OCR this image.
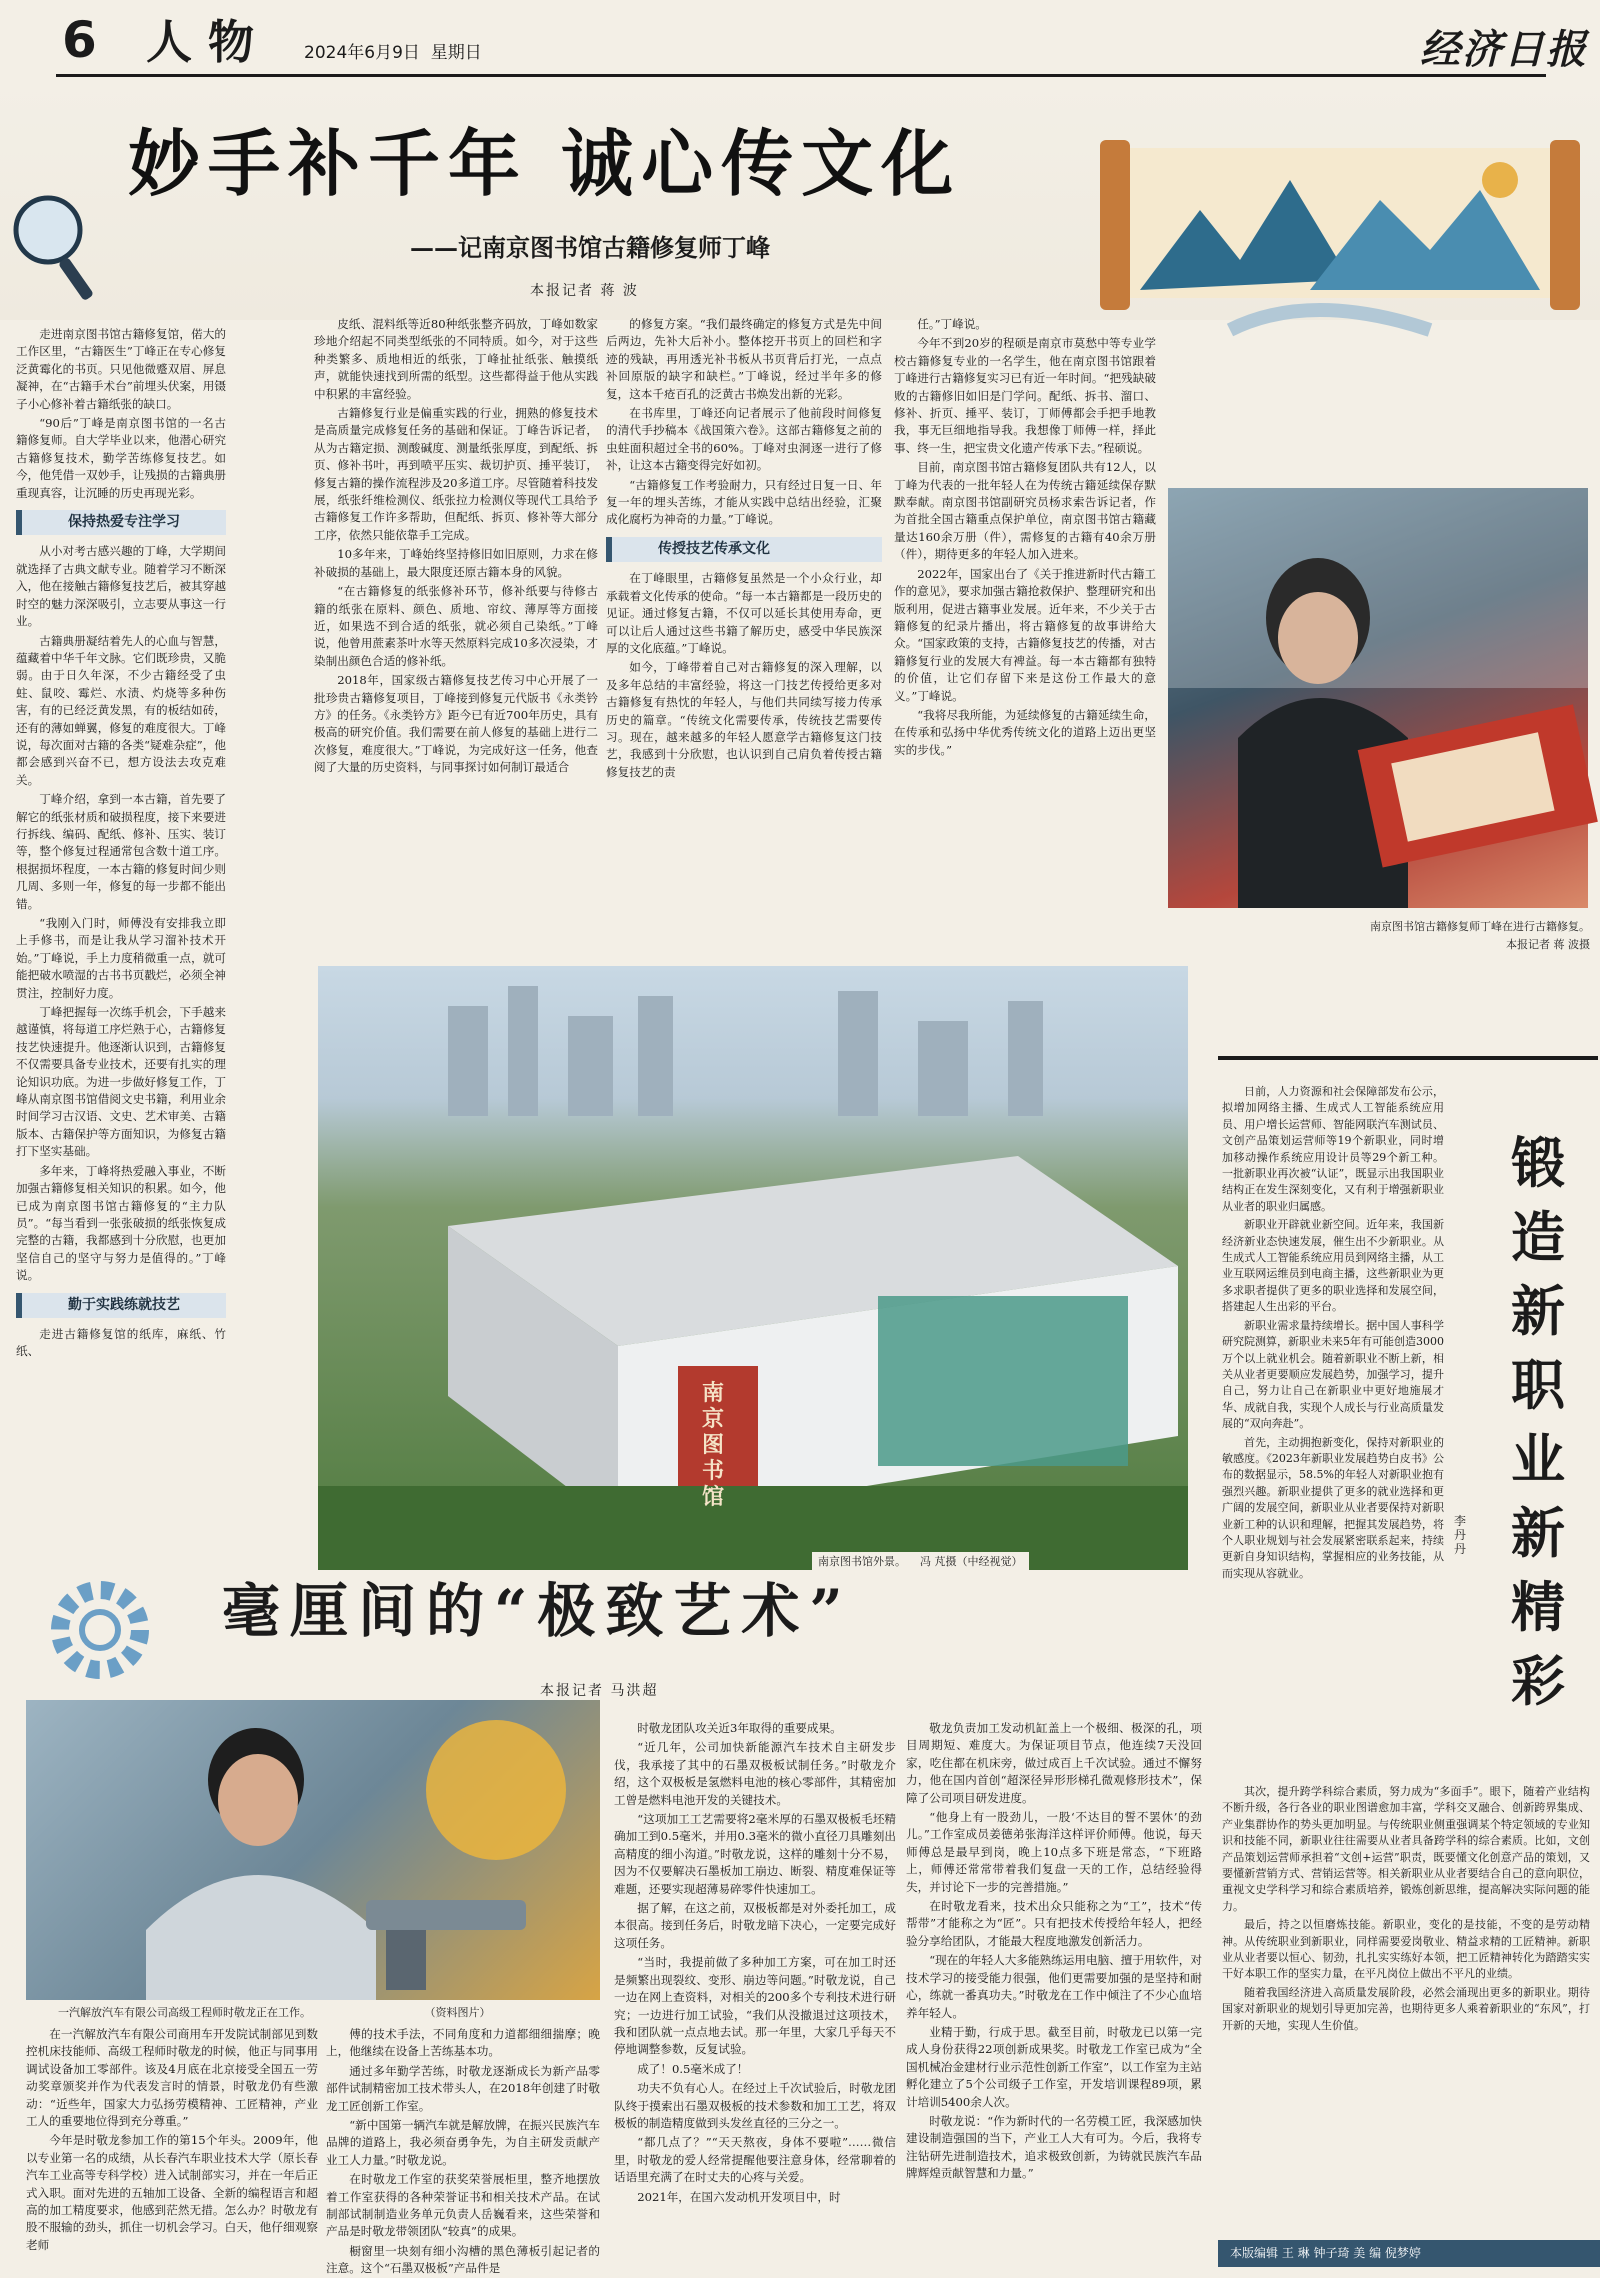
6 人物 2024年6月9日 星期日	经济日报
妙手补千年 诚心传文化
——记南京图书馆古籍修复师丁峰
本报记者 蒋 波

走进南京图书馆古籍修复馆，偌大的工作区里，“古籍医生”丁峰正在专心修复泛黄霉化的书页。只见他微蹙双眉、屏息凝神，在“古籍手术台”前埋头伏案，用镊子小心修补着古籍纸张的缺口。

“90后”丁峰是南京图书馆的一名古籍修复师。自大学毕业以来，他潜心研究古籍修复技术，勤学苦练修复技艺。如今，他凭借一双妙手，让残损的古籍典册重现真容，让沉睡的历史再现光彩。

保持热爱专注学习

从小对考古感兴趣的丁峰，大学期间就选择了古典文献专业。随着学习不断深入，他在接触古籍修复技艺后，被其穿越时空的魅力深深吸引，立志要从事这一行业。

古籍典册凝结着先人的心血与智慧，蕴藏着中华千年文脉。它们既珍贵，又脆弱。由于日久年深，不少古籍经受了虫蛀、鼠咬、霉烂、水渍、灼烧等多种伤害，有的已经泛黄发黑，有的板结如砖，还有的薄如蝉翼，修复的难度很大。丁峰说，每次面对古籍的各类“疑难杂症”，他都会感到兴奋不已，想方设法去攻克难关。

丁峰介绍，拿到一本古籍，首先要了解它的纸张材质和破损程度，接下来要进行拆线、编码、配纸、修补、压实、装订等，整个修复过程通常包含数十道工序。根据损坏程度，一本古籍的修复时间少则几周、多则一年，修复的每一步都不能出错。

“我刚入门时，师傅没有安排我立即上手修书，而是让我从学习溜补技术开始。”丁峰说，手上力度稍微重一点，就可能把破水喷湿的古书书页戳烂，必须全神贯注，控制好力度。

丁峰把握每一次练手机会，下手越来越谨慎，将每道工序烂熟于心，古籍修复技艺快速提升。他逐渐认识到，古籍修复不仅需要具备专业技术，还要有扎实的理论知识功底。为进一步做好修复工作，丁峰从南京图书馆借阅文史书籍，利用业余时间学习古汉语、文史、艺术审美、古籍版本、古籍保护等方面知识，为修复古籍打下坚实基础。

多年来，丁峰将热爱融入事业，不断加强古籍修复相关知识的积累。如今，他已成为南京图书馆古籍修复的“主力队员”。“每当看到一张张破损的纸张恢复成完整的古籍，我都感到十分欣慰，也更加坚信自己的坚守与努力是值得的。”丁峰说。

勤于实践练就技艺

走进古籍修复馆的纸库，麻纸、竹纸、

皮纸、混料纸等近80种纸张整齐码放，丁峰如数家珍地介绍起不同类型纸张的不同特质。如今，对于这些种类繁多、质地相近的纸张，丁峰扯扯纸张、触摸纸声，就能快速找到所需的纸型。这些都得益于他从实践中积累的丰富经验。

古籍修复行业是偏重实践的行业，拥熟的修复技术是高质量完成修复任务的基础和保证。丁峰告诉记者，从为古籍定损、测酸碱度、测量纸张厚度，到配纸、拆页、修补书叶，再到喷平压实、裁切护页、捶平装订，修复古籍的操作流程涉及20多道工序。尽管随着科技发展，纸张纤维检测仪、纸张拉力检测仪等现代工具给予古籍修复工作许多帮助，但配纸、拆页、修补等大部分工序，依然只能依靠手工完成。

10多年来，丁峰始终坚持修旧如旧原则，力求在修补破损的基础上，最大限度还原古籍本身的风貌。

“在古籍修复的纸张修补环节，修补纸要与待修古籍的纸张在原料、颜色、质地、帘纹、薄厚等方面接近，如果选不到合适的纸张，就必须自己染纸。”丁峰说，他曾用蔗素茶叶水等天然原料完成10多次浸染，才染制出颜色合适的修补纸。

2018年，国家级古籍修复技艺传习中心开展了一批珍贵古籍修复项目，丁峰接到修复元代版书《永类钤方》的任务。《永类钤方》距今已有近700年历史，具有极高的研究价值。我们需要在前人修复的基础上进行二次修复，难度很大。”丁峰说，为完成好这一任务，他查阅了大量的历史资料，与同事探讨如何制订最适合

的修复方案。“我们最终确定的修复方式是先中间后两边，先补大后补小。整体挖开书页上的回栏和字迹的残缺，再用透光补书板从书页背后打光，一点点补回原版的缺字和缺栏。”丁峰说，经过半年多的修复，这本千疮百孔的泛黄古书焕发出新的光彩。

在书库里，丁峰还向记者展示了他前段时间修复的清代手抄稿本《战国策六卷》。这部古籍修复之前的虫蛀面积超过全书的60%。丁峰对虫洞逐一进行了修补，让这本古籍变得完好如初。

“古籍修复工作考验耐力，只有经过日复一日、年复一年的埋头苦练，才能从实践中总结出经验，汇聚成化腐朽为神奇的力量。”丁峰说。

传授技艺传承文化

在丁峰眼里，古籍修复虽然是一个小众行业，却承载着文化传承的使命。“每一本古籍都是一段历史的见证。通过修复古籍，不仅可以延长其使用寿命，更可以让后人通过这些书籍了解历史，感受中华民族深厚的文化底蕴。”丁峰说。

如今，丁峰带着自己对古籍修复的深入理解，以及多年总结的丰富经验，将这一门技艺传授给更多对古籍修复有热忱的年轻人，与他们共同续写接力传承历史的篇章。“传统文化需要传承，传统技艺需要传习。现在，越来越多的年轻人愿意学古籍修复这门技艺，我感到十分欣慰，也认识到自己肩负着传授古籍修复技艺的责

任。”丁峰说。

今年不到20岁的程硕是南京市莫愁中等专业学校古籍修复专业的一名学生，他在南京图书馆跟着丁峰进行古籍修复实习已有近一年时间。“把残缺破败的古籍修旧如旧是门学问。配纸、拆书、溜口、修补、折页、捶平、装订，丁师傅都会手把手地教我，事无巨细地指导我。我想像丁师傅一样，择此事、终一生，把宝贵文化遗产传承下去。”程硕说。

目前，南京图书馆古籍修复团队共有12人，以丁峰为代表的一批年轻人在为传统古籍延续保存默默奉献。南京图书馆副研究员杨求索告诉记者，作为首批全国古籍重点保护单位，南京图书馆古籍藏量达160余万册（件），需修复的古籍有40余万册（件），期待更多的年轻人加入进来。

2022年，国家出台了《关于推进新时代古籍工作的意见》，要求加强古籍抢救保护、整理研究和出版利用，促进古籍事业发展。近年来，不少关于古籍修复的纪录片播出，将古籍修复的故事讲给大众。“国家政策的支持，古籍修复技艺的传播，对古籍修复行业的发展大有裨益。每一本古籍都有独特的价值，让它们存留下来是这份工作最大的意义。”丁峰说。

“我将尽我所能，为延续修复的古籍延续生命，在传承和弘扬中华优秀传统文化的道路上迈出更坚实的步伐。”

南京图书馆古籍修复师丁峰在进行古籍修复。
本报记者 蒋 波摄
南京图书馆
南京图书馆外景。 冯 芃摄（中经视觉）
锻造新职业新精彩
李丹丹

日前，人力资源和社会保障部发布公示，拟增加网络主播、生成式人工智能系统应用员、用户增长运营师、智能网联汽车测试员、文创产品策划运营师等19个新职业，同时增加移动操作系统应用设计员等29个新工种。一批新职业再次被“认证”，既显示出我国职业结构正在发生深刻变化，又有利于增强新职业从业者的职业归属感。

新职业开辟就业新空间。近年来，我国新经济新业态快速发展，催生出不少新职业。从生成式人工智能系统应用员到网络主播，从工业互联网运维员到电商主播，这些新职业为更多求职者提供了更多的职业选择和发展空间，搭建起人生出彩的平台。

新职业需求量持续增长。据中国人事科学研究院测算，新职业未来5年有可能创造3000万个以上就业机会。随着新职业不断上新，相关从业者更要顺应发展趋势，加强学习，提升自己，努力让自己在新职业中更好地施展才华、成就自我，实现个人成长与行业高质量发展的“双向奔赴”。

首先，主动拥抱新变化，保持对新职业的敏感度。《2023年新职业发展趋势白皮书》公布的数据显示，58.5%的年轻人对新职业抱有强烈兴趣。新职业提供了更多的就业选择和更广阔的发展空间，新职业从业者要保持对新职业新工种的认识和理解，把握其发展趋势，将个人职业规划与社会发展紧密联系起来，持续更新自身知识结构，掌握相应的业务技能，从而实现从容就业。

其次，提升跨学科综合素质，努力成为“多面手”。眼下，随着产业结构不断升级，各行各业的职业图谱愈加丰富，学科交叉融合、创新跨界集成、产业集群协作的势头更加明显。与传统职业侧重强调某个特定领域的专业知识和技能不同，新职业往往需要从业者具备跨学科的综合素质。比如，文创产品策划运营师承担着“文创+运营”职责，既要懂文化创意产品的策划，又要懂新营销方式、营销运营等。相关新职业从业者要结合自己的意向职位，重视文史学科学习和综合素质培养，锻炼创新思维，提高解决实际问题的能力。

最后，持之以恒磨炼技能。新职业，变化的是技能，不变的是劳动精神。从传统职业到新职业，同样需要爱岗敬业、精益求精的工匠精神。新职业从业者要以恒心、韧劲，扎扎实实练好本领，把工匠精神转化为踏踏实实干好本职工作的坚实力量，在平凡岗位上做出不平凡的业绩。

随着我国经济进入高质量发展阶段，必然会涌现出更多的新职业。期待国家对新职业的规划引导更加完善，也期待更多人乘着新职业的“东风”，打开新的天地，实现人生价值。

本版编辑 王 琳 钟子琦 美 编 倪梦婷
毫厘间的“极致艺术”
本报记者 马洪超
一汽解放汽车有限公司高级工程师时敬龙正在工作。	（资料图片）

在一汽解放汽车有限公司商用车开发院试制部见到数控机床技能师、高级工程师时敬龙的时候，他正与同事用调试设备加工零部件。该及4月底在北京接受全国五一劳动奖章颁奖并作为代表发言时的情景，时敬龙仍有些激动：“近些年，国家大力弘扬劳模精神、工匠精神，产业工人的重要地位得到充分尊重。”

今年是时敬龙参加工作的第15个年头。2009年，他以专业第一名的成绩，从长春汽车职业技术大学（原长春汽车工业高等专科学校）进入试制部实习，并在一年后正式入职。面对先进的五轴加工设备、全新的编程语言和超高的加工精度要求，他感到茫然无措。怎么办？时敬龙有股不服输的劲头，抓住一切机会学习。白天，他仔细观察老师

傅的技术手法，不同角度和力道都细细揣摩；晚上，他继续在设备上苦练基本功。

通过多年勤学苦练，时敬龙逐渐成长为新产品零部件试制精密加工技术带头人，在2018年创建了时敬龙工匠创新工作室。

“新中国第一辆汽车就是解放牌，在振兴民族汽车品牌的道路上，我必须奋勇争先，为自主研发贡献产业工人力量。”时敬龙说。

在时敬龙工作室的获奖荣誉展柜里，整齐地摆放着工作室获得的各种荣誉证书和相关技术产品。在试制部试制制造业务单元负责人岳巍看来，这些荣誉和产品是时敬龙带领团队“较真”的成果。

橱窗里一块刻有细小沟槽的黑色薄板引起记者的注意。这个“石墨双极板”产品件是

时敬龙团队攻关近3年取得的重要成果。

“近几年，公司加快新能源汽车技术自主研发步伐，我承接了其中的石墨双极板试制任务。”时敬龙介绍，这个双极板是氢燃料电池的核心零部件，其精密加工曾是燃料电池开发的关键技术。

“这项加工工艺需要将2毫米厚的石墨双极板毛坯精确加工到0.5毫米，并用0.3毫米的微小直径刀具雕刻出高精度的细小沟道。”时敬龙说，这样的雕刻十分不易，因为不仅要解决石墨板加工崩边、断裂、精度难保证等难题，还要实现超薄易碎零件快速加工。

据了解，在这之前，双极板都是对外委托加工，成本很高。接到任务后，时敬龙暗下决心，一定要完成好这项任务。

“当时，我提前做了多种加工方案，可在加工时还是频繁出现裂纹、变形、崩边等问题。”时敬龙说，自己一边在网上查资料，对相关的200多个专利技术进行研究；一边进行加工试验，“我们从没撤退过这项技术，我和团队就一点点地去试。那一年里，大家几乎每天不停地调整参数，反复试验。

成了！0.5毫米成了！

功夫不负有心人。在经过上千次试验后，时敬龙团队终于摸索出石墨双极板的技术参数和加工工艺，将双极板的制造精度做到头发丝直径的三分之一。

“都几点了？”“天天熬夜，身体不要啦”……微信里，时敬龙的爱人经常提醒他要注意身体，经常聊着的话语里充满了在时丈夫的心疼与关爱。

2021年，在国六发动机开发项目中，时

敬龙负责加工发动机缸盖上一个极细、极深的孔，项目周期短、难度大。为保证项目节点，他连续7天没回家，吃住都在机床旁，做过成百上千次试验。通过不懈努力，他在国内首创“超深径异形形梯孔微观修形技术”，保障了公司项目研发进度。

“他身上有一股劲儿，一股‘不达目的誓不罢休’的劲儿。”工作室成员姜德弟张海洋这样评价师傅。他说，每天师傅总是最早到岗，晚上10点多下班是常态，“下班路上，师傅还常常带着我们复盘一天的工作，总结经验得失，并讨论下一步的完善措施。”

在时敬龙看来，技术出众只能称之为“工”，技术“传帮带”才能称之为“匠”。只有把技术传授给年轻人，把经验分享给团队，才能最大程度地激发创新活力。

“现在的年轻人大多能熟练运用电脑、擅于用软件，对技术学习的接受能力很强，他们更需要加强的是坚持和耐心，练就一番真功夫。”时敬龙在工作中倾注了不少心血培养年轻人。

业精于勤，行成于思。截至目前，时敬龙已以第一完成人身份获得22项创新成果奖。时敬龙工作室已成为“全国机械冶金建材行业示范性创新工作室”，以工作室为主站孵化建立了5个公司级子工作室，开发培训课程89项，累计培训5400余人次。

时敬龙说：“作为新时代的一名劳模工匠，我深感加快建设制造强国的当下，产业工人大有可为。今后，我将专注钻研先进制造技术，追求极致创新，为铸就民族汽车品牌辉煌贡献智慧和力量。”
